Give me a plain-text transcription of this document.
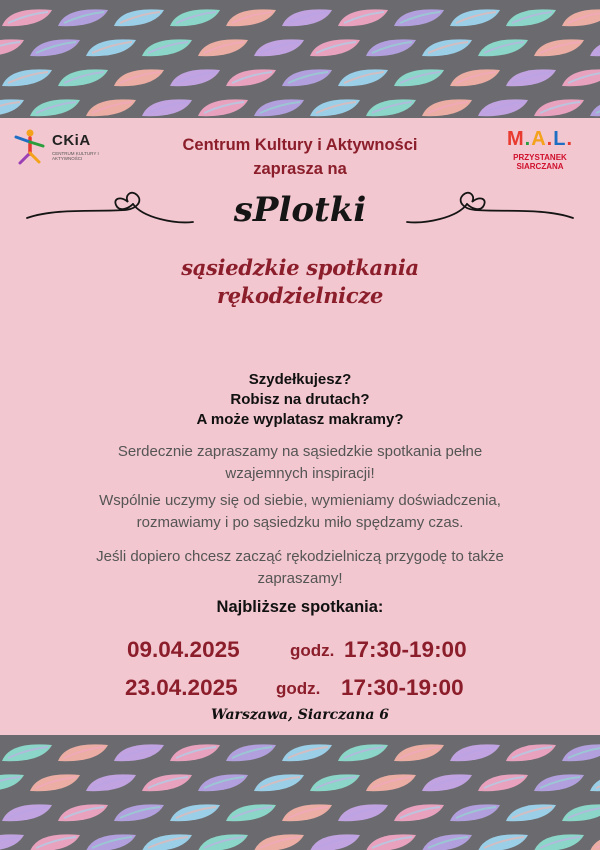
CKiA
CENTRUM KULTURY I AKTYWNOŚCI
M.A.L.
PRZYSTANEK SIARCZANA
Centrum Kultury i Aktywności
zaprasza na
sPlotki
sąsiedzkie spotkania
rękodzielnicze
Szydełkujesz?
Robisz na drutach?
A może wyplatasz makramy?
Serdecznie zapraszamy na sąsiedzkie spotkania pełne
wzajemnych inspiracji!
Wspólnie uczymy się od siebie, wymieniamy doświadczenia,
rozmawiamy i po sąsiedzku miło spędzamy czas.
Jeśli dopiero chcesz zacząć rękodzielniczą przygodę to także
zapraszamy!
Najbliższe spotkania:
09.04.2025	godz. 17:30-19:00
23.04.2025 godz. 17:30-19:00
Warszawa, Siarczana 6
